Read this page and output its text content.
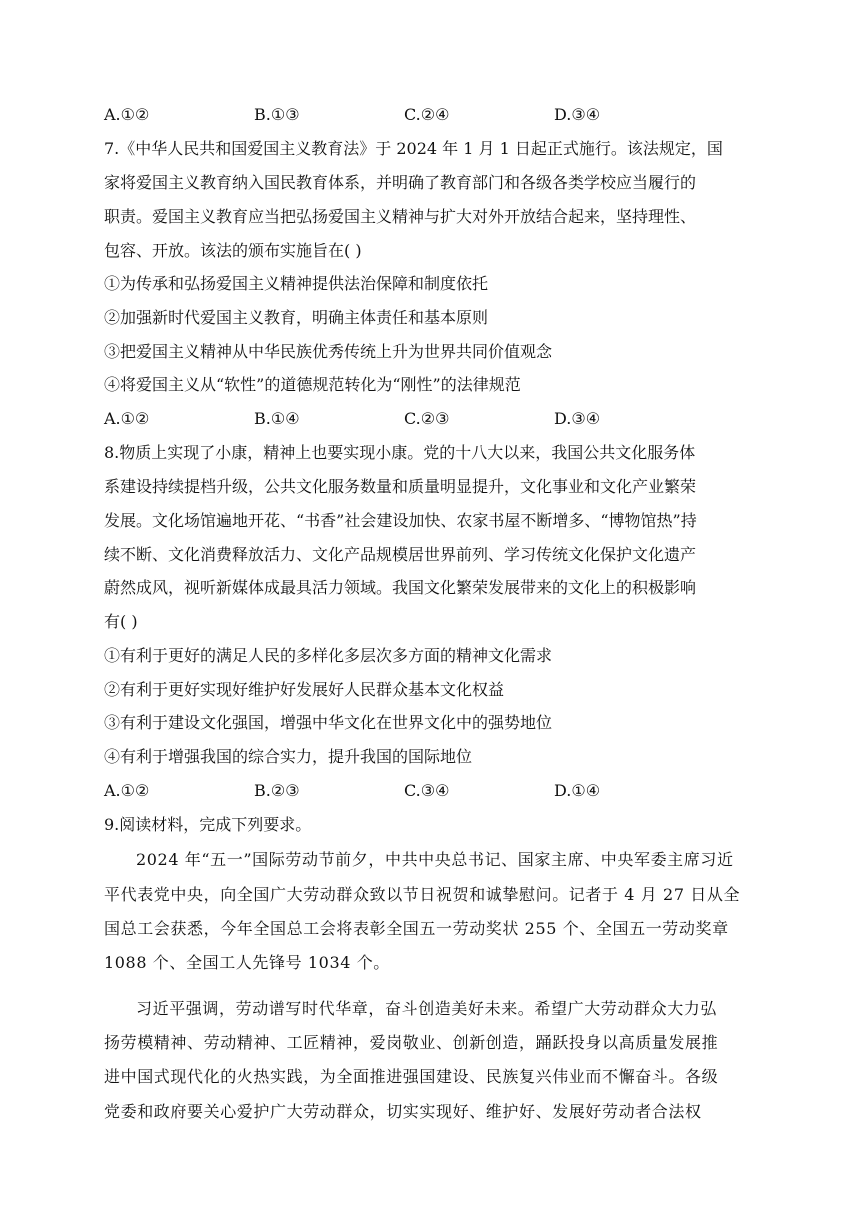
A.①②	B.①③	C.②④	D.③④
7.《中华人民共和国爱国主义教育法》于 2024 年 1 月 1 日起正式施行。该法规定，国
家将爱国主义教育纳入国民教育体系，并明确了教育部门和各级各类学校应当履行的
职责。爱国主义教育应当把弘扬爱国主义精神与扩大对外开放结合起来，坚持理性、
包容、开放。该法的颁布实施旨在( )
①为传承和弘扬爱国主义精神提供法治保障和制度依托
②加强新时代爱国主义教育，明确主体责任和基本原则
③把爱国主义精神从中华民族优秀传统上升为世界共同价值观念
④将爱国主义从“软性”的道德规范转化为“刚性”的法律规范
A.①②	B.①④	C.②③	D.③④
8.物质上实现了小康，精神上也要实现小康。党的十八大以来，我国公共文化服务体
系建设持续提档升级，公共文化服务数量和质量明显提升，文化事业和文化产业繁荣
发展。文化场馆遍地开花、“书香”社会建设加快、农家书屋不断增多、“博物馆热”持
续不断、文化消费释放活力、文化产品规模居世界前列、学习传统文化保护文化遗产
蔚然成风，视听新媒体成最具活力领域。我国文化繁荣发展带来的文化上的积极影响
有( )
①有利于更好的满足人民的多样化多层次多方面的精神文化需求
②有利于更好实现好维护好发展好人民群众基本文化权益
③有利于建设文化强国，增强中华文化在世界文化中的强势地位
④有利于增强我国的综合实力，提升我国的国际地位
A.①②	B.②③	C.③④	D.①④
9.阅读材料，完成下列要求。
2024 年“五一”国际劳动节前夕，中共中央总书记、国家主席、中央军委主席习近
平代表党中央，向全国广大劳动群众致以节日祝贺和诚挚慰问。记者于 4 月 27 日从全
国总工会获悉，今年全国总工会将表彰全国五一劳动奖状 255 个、全国五一劳动奖章
1088 个、全国工人先锋号 1034 个。
习近平强调，劳动谱写时代华章，奋斗创造美好未来。希望广大劳动群众大力弘
扬劳模精神、劳动精神、工匠精神，爱岗敬业、创新创造，踊跃投身以高质量发展推
进中国式现代化的火热实践，为全面推进强国建设、民族复兴伟业而不懈奋斗。各级
党委和政府要关心爱护广大劳动群众，切实实现好、维护好、发展好劳动者合法权
